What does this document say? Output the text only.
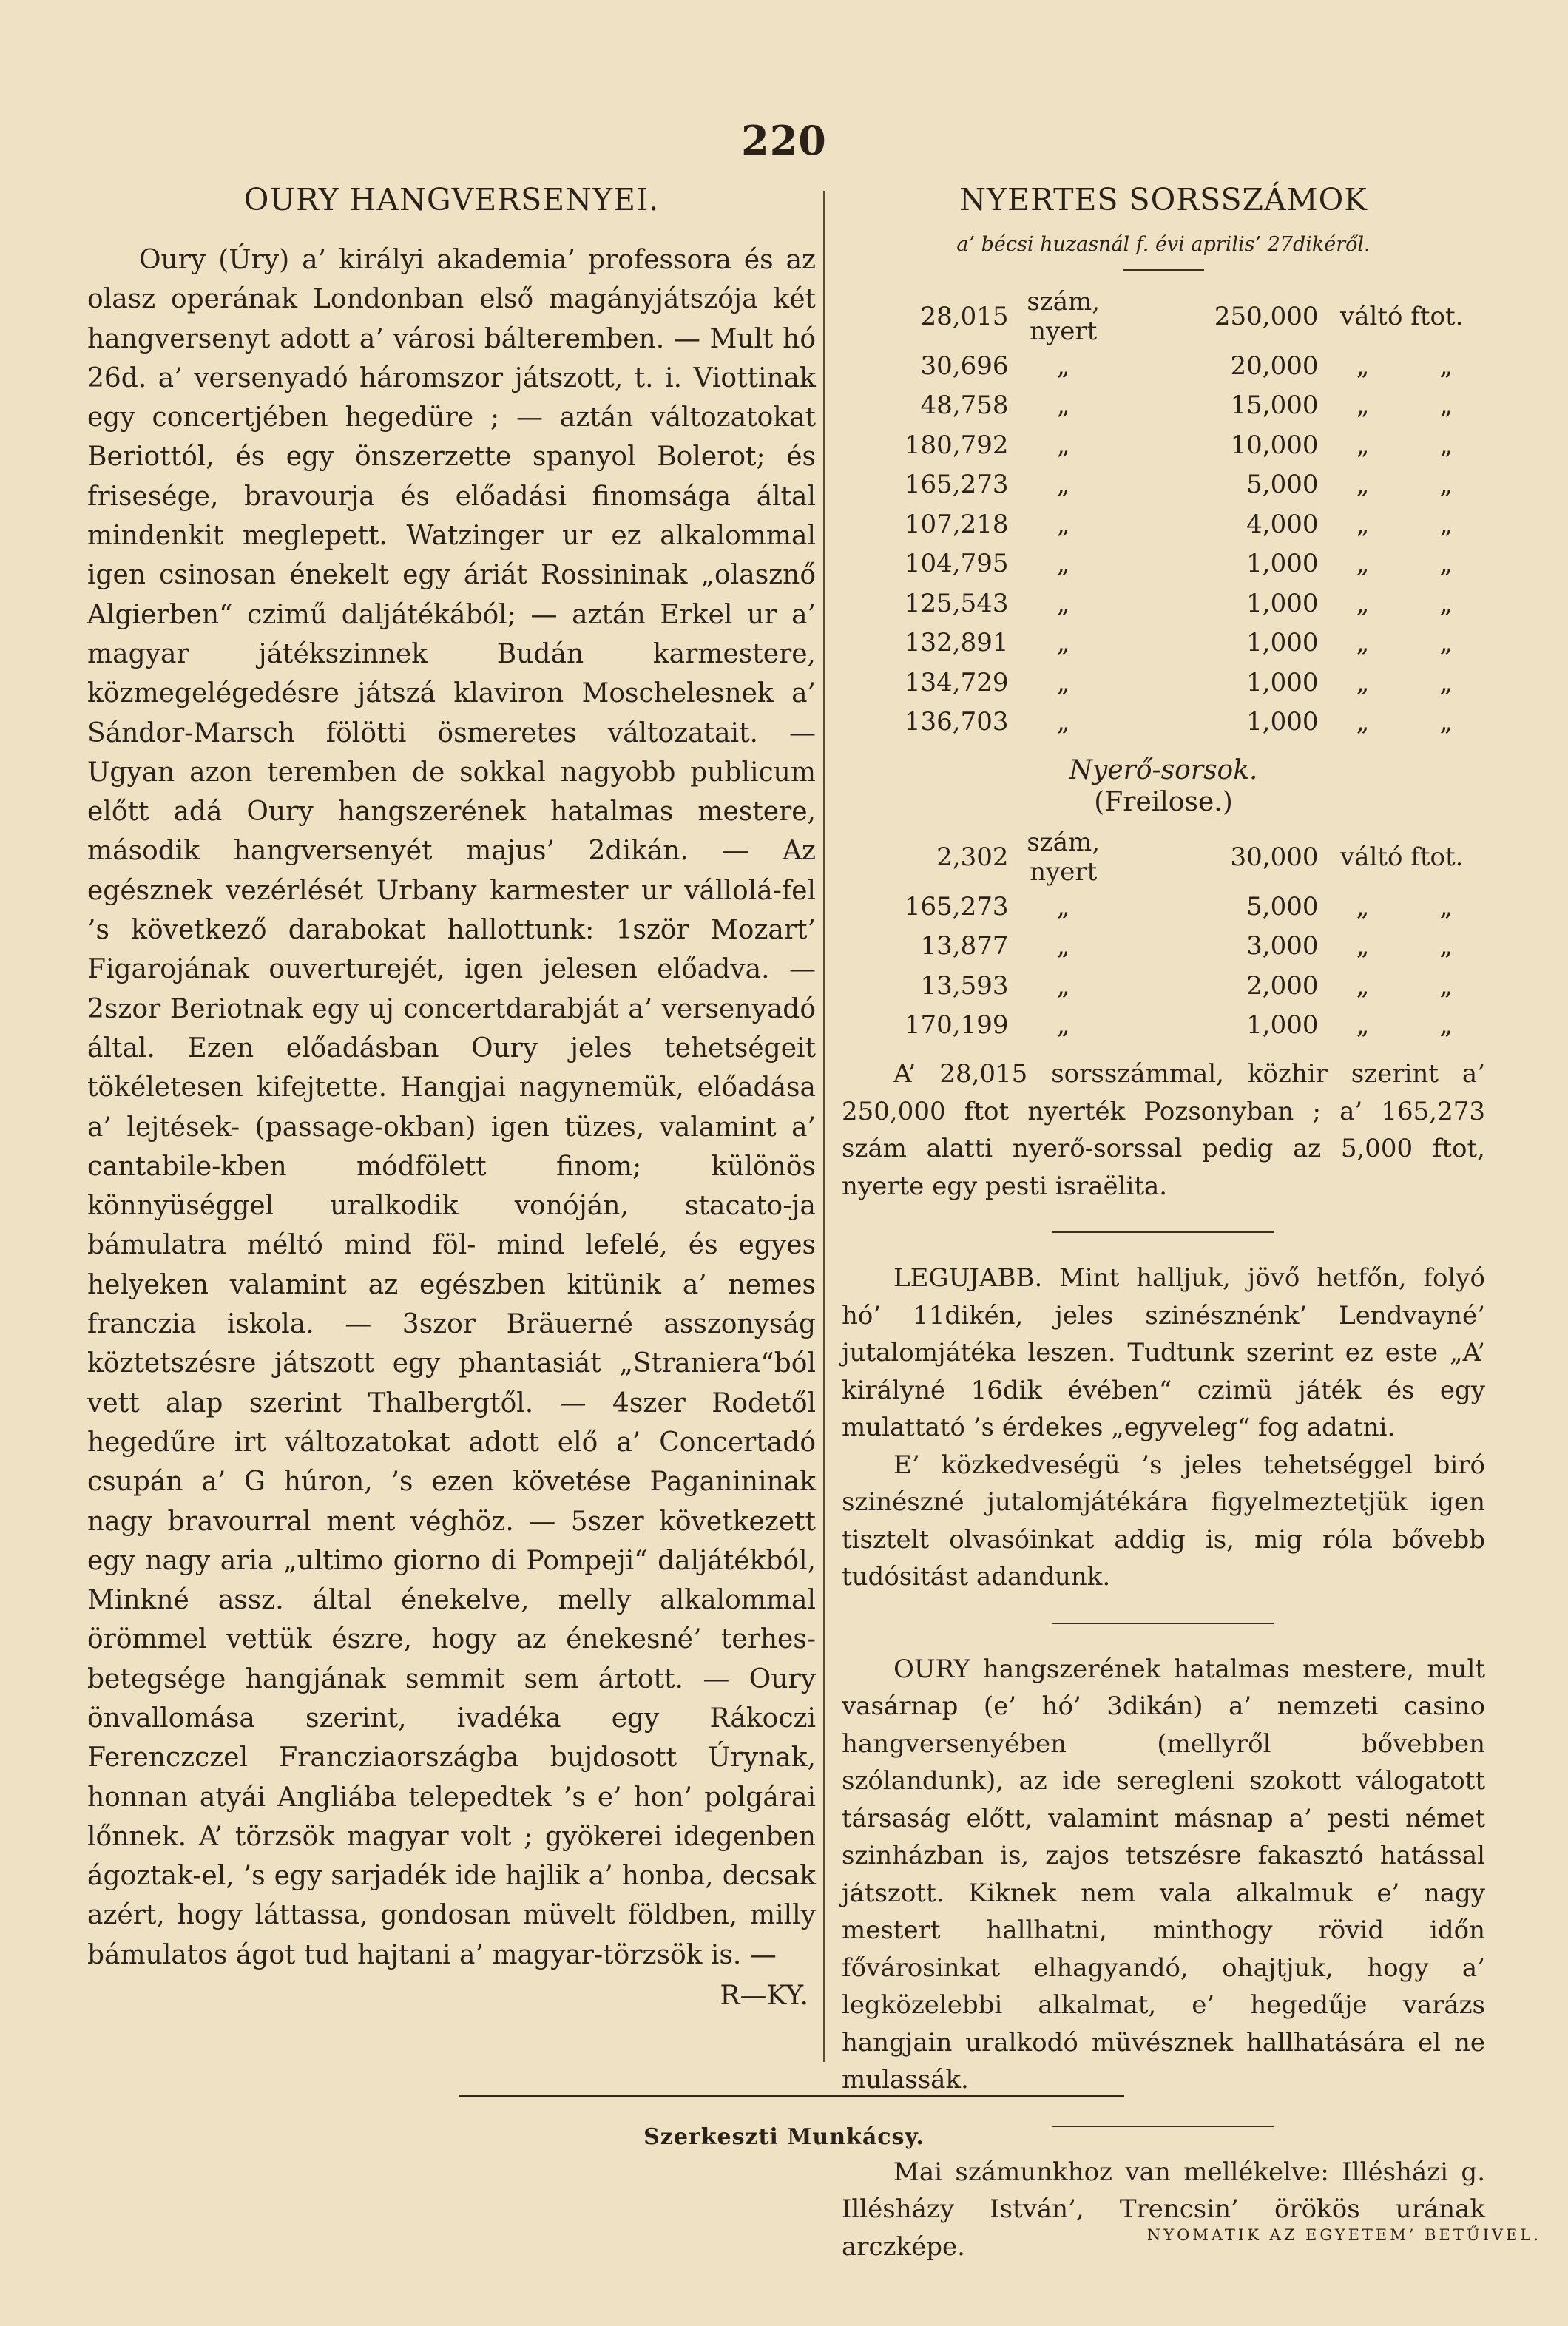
220
OURY HANGVERSENYEI.

Oury (Úry) a’ királyi akademia’ professora és az olasz operának Londonban első magányjátszója két hangversenyt adott a’ városi bálteremben. — Mult hó 26d. a’ versenyadó háromszor játszott, t. i. Viottinak egy concertjében hegedüre ; — aztán változatokat Beriottól, és egy önszerzette spanyol Bolerot; és frisesége, bravourja és előadási finomsága által mindenkit meglepett. Watzinger ur ez alkalommal igen csinosan énekelt egy áriát Rossininak „olasznő Algierben“ czimű daljátékából; — aztán Erkel ur a’ magyar játékszinnek Budán karmestere, közmegelégedésre játszá klaviron Moschelesnek a’ Sándor-Marsch fölötti ösmeretes változatait. — Ugyan azon teremben de sokkal nagyobb publicum előtt adá Oury hangszerének hatalmas mestere, második hangversenyét majus’ 2dikán. — Az egésznek vezérlését Urbany karmester ur vállolá-fel ’s következő darabokat hallottunk: 1ször Mozart’ Figarojának ouverturejét, igen jelesen előadva. — 2szor Beriotnak egy uj concertdarabját a’ versenyadó által. Ezen előadásban Oury jeles tehetségeit tökéletesen kifejtette. Hangjai nagynemük, előadása a’ lejtések- (passage-okban) igen tüzes, valamint a’ cantabile-kben módfölett finom; különös könnyüséggel uralkodik vonóján, stacato-ja bámulatra méltó mind föl- mind lefelé, és egyes helyeken valamint az egészben kitünik a’ nemes franczia iskola. — 3szor Bräuerné asszonyság köztetszésre játszott egy phantasiát „Straniera“ból vett alap szerint Thalbergtől. — 4szer Rodetől hegedűre irt változatokat adott elő a’ Concertadó csupán a’ G húron, ’s ezen követése Paganininak nagy bravourral ment véghöz. — 5szer következett egy nagy aria „ultimo giorno di Pompeji“ daljátékból, Minkné assz. által énekelve, melly alkalommal örömmel vettük észre, hogy az énekesné’ terhes-betegsége hangjának semmit sem ártott. — Oury önvallomása szerint, ivadéka egy Rákoczi Ferenczczel Francziaországba bujdosott Úrynak, honnan atyái Angliába telepedtek ’s e’ hon’ polgárai lőnnek. A’ törzsök magyar volt ; gyökerei idegenben ágoztak-el, ’s egy sarjadék ide hajlik a’ honba, decsak azért, hogy láttassa, gondosan müvelt földben, milly bámulatos ágot tud hajtani a’ magyar-törzsök is. —

R—KY.
NYERTES SORSSZÁMOK
a’ bécsi huzasnál f. évi aprilis’ 27dikéről.
28,015	szám, nyert	250,000	váltó ftot.	
30,696	„	20,000	„	„
48,758	„	15,000	„	„
180,792	„	10,000	„	„
165,273	„	5,000	„	„
107,218	„	4,000	„	„
104,795	„	1,000	„	„
125,543	„	1,000	„	„
132,891	„	1,000	„	„
134,729	„	1,000	„	„
136,703	„	1,000	„	„
Nyerő-sorsok.
(Freilose.)
2,302	szám, nyert	30,000	váltó ftot.	
165,273	„	5,000	„	„
13,877	„	3,000	„	„
13,593	„	2,000	„	„
170,199	„	1,000	„	„

A’ 28,015 sorsszámmal, közhir szerint a’ 250,000 ftot nyerték Pozsonyban ; a’ 165,273 szám alatti nyerő-sorssal pedig az 5,000 ftot, nyerte egy pesti israëlita.

LEGUJABB. Mint halljuk, jövő hetfőn, folyó hó’ 11dikén, jeles szinésznénk’ Lendvayné’ jutalomjátéka leszen. Tudtunk szerint ez este „A’ királyné 16dik évében“ czimü játék és egy mulattató ’s érdekes „egyveleg“ fog adatni.

E’ közkedveségü ’s jeles tehetséggel biró szinészné jutalomjátékára figyelmeztetjük igen tisztelt olvasóinkat addig is, mig róla bővebb tudósitást adandunk.

OURY hangszerének hatalmas mestere, mult vasárnap (e’ hó’ 3dikán) a’ nemzeti casino hangversenyében (mellyről bővebben szólandunk), az ide seregleni szokott válogatott társaság előtt, valamint másnap a’ pesti német szinházban is, zajos tetszésre fakasztó hatással játszott. Kiknek nem vala alkalmuk e’ nagy mestert hallhatni, minthogy rövid időn fővárosinkat elhagyandó, ohajtjuk, hogy a’ legközelebbi alkalmat, e’ hegedűje varázs hangjain uralkodó müvésznek hallhatására el ne mulassák.

Mai számunkhoz van mellékelve: Illésházi g. Illésházy István’, Trencsin’ örökös urának arczképe.

Szerkeszti Munkácsy.
NYOMATIK AZ EGYETEM’ BETŰIVEL.
